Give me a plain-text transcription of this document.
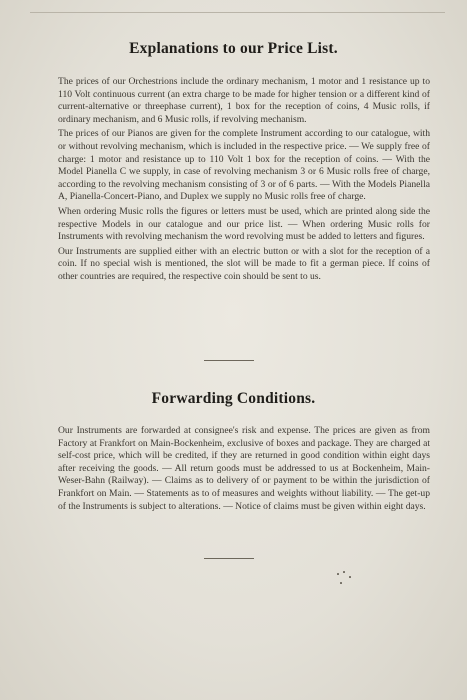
Explanations to our Price List.

The prices of our Orchestrions include the ordinary mechanism, 1 motor and 1 resistance up to 110 Volt continuous current (an extra charge to be made for higher tension or a different kind of current-alternative or threephase current), 1 box for the reception of coins, 4 Music rolls, if ordinary mechanism, and 6 Music rolls, if revolving mechanism.

The prices of our Pianos are given for the complete Instrument according to our catalogue, with or without revolving mechanism, which is included in the respective price. — We supply free of charge: 1 motor and resistance up to 110 Volt 1 box for the reception of coins. — With the Model Pianella C we supply, in case of revolving mechanism 3 or 6 Music rolls free of charge, according to the revolving mechanism consisting of 3 or of 6 parts. — With the Models Pianella A, Pianella-Concert-Piano, and Duplex we supply no Music rolls free of charge.

When ordering Music rolls the figures or letters must be used, which are printed along side the respective Models in our catalogue and our price list. — When ordering Music rolls for Instruments with revolving mechanism the word revolving must be added to letters and figures.

Our Instruments are supplied either with an electric button or with a slot for the reception of a coin. If no special wish is mentioned, the slot will be made to fit a german piece. If coins of other countries are required, the respective coin should be sent to us.

Forwarding Conditions.

Our Instruments are forwarded at consignee's risk and expense. The prices are given as from Factory at Frankfort on Main-Bockenheim, exclusive of boxes and package. They are charged at self-cost price, which will be credited, if they are returned in good condition within eight days after receiving the goods. — All return goods must be addressed to us at Bockenheim, Main-Weser-Bahn (Railway). — Claims as to delivery of or payment to be within the jurisdiction of Frankfort on Main. — Statements as to of measures and weights without liability. — The get-up of the Instruments is subject to alterations. — Notice of claims must be given within eight days.
